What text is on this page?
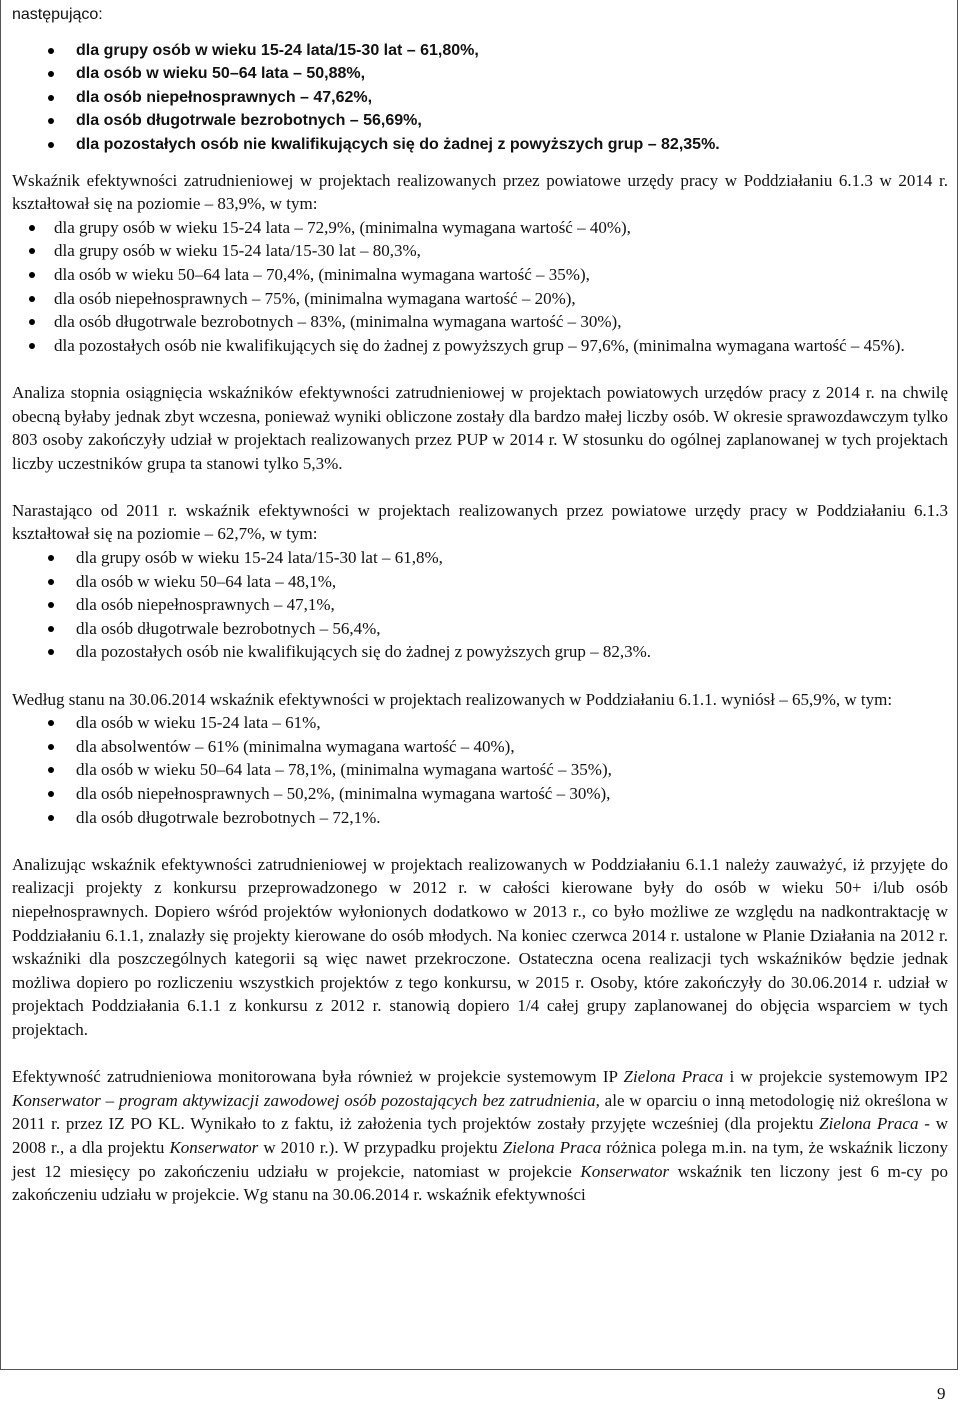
następująco:

dla grupy osób w wieku 15-24 lata/15-30 lat – 61,80%,
dla osób w wieku 50–64 lata – 50,88%,
dla osób niepełnosprawnych – 47,62%,
dla osób długotrwale bezrobotnych – 56,69%,
dla pozostałych osób nie kwalifikujących się do żadnej z powyższych grup – 82,35%.

Wskaźnik efektywności zatrudnieniowej w projektach realizowanych przez powiatowe urzędy pracy w Poddziałaniu 6.1.3 w 2014 r. kształtował się na poziomie – 83,9%, w tym:

dla grupy osób w wieku 15-24 lata – 72,9%, (minimalna wymagana wartość – 40%),
dla grupy osób w wieku 15-24 lata/15-30 lat – 80,3%,
dla osób w wieku 50–64 lata – 70,4%, (minimalna wymagana wartość – 35%),
dla osób niepełnosprawnych – 75%, (minimalna wymagana wartość – 20%),
dla osób długotrwale bezrobotnych – 83%, (minimalna wymagana wartość – 30%),
dla pozostałych osób nie kwalifikujących się do żadnej z powyższych grup – 97,6%, (minimalna wymagana wartość – 45%).

Analiza stopnia osiągnięcia wskaźników efektywności zatrudnieniowej w projektach powiatowych urzędów pracy z 2014 r. na chwilę obecną byłaby jednak zbyt wczesna, ponieważ wyniki obliczone zostały dla bardzo małej liczby osób. W okresie sprawozdawczym tylko 803 osoby zakończyły udział w projektach realizowanych przez PUP w 2014 r. W stosunku do ogólnej zaplanowanej w tych projektach liczby uczestników grupa ta stanowi tylko 5,3%.

Narastająco od 2011 r. wskaźnik efektywności w projektach realizowanych przez powiatowe urzędy pracy w Poddziałaniu 6.1.3 kształtował się na poziomie – 62,7%, w tym:

dla grupy osób w wieku 15-24 lata/15-30 lat – 61,8%,
dla osób w wieku 50–64 lata – 48,1%,
dla osób niepełnosprawnych – 47,1%,
dla osób długotrwale bezrobotnych – 56,4%,
dla pozostałych osób nie kwalifikujących się do żadnej z powyższych grup – 82,3%.

Według stanu na 30.06.2014 wskaźnik efektywności w projektach realizowanych w Poddziałaniu 6.1.1. wyniósł – 65,9%, w tym:

dla osób w wieku 15-24 lata – 61%,
dla absolwentów – 61% (minimalna wymagana wartość – 40%),
dla osób w wieku 50–64 lata – 78,1%, (minimalna wymagana wartość – 35%),
dla osób niepełnosprawnych – 50,2%, (minimalna wymagana wartość – 30%),
dla osób długotrwale bezrobotnych – 72,1%.

Analizując wskaźnik efektywności zatrudnieniowej w projektach realizowanych w Poddziałaniu 6.1.1 należy zauważyć, iż przyjęte do realizacji projekty z konkursu przeprowadzonego w 2012 r. w całości kierowane były do osób w wieku 50+ i/lub osób niepełnosprawnych. Dopiero wśród projektów wyłonionych dodatkowo w 2013 r., co było możliwe ze względu na nadkontraktację w Poddziałaniu 6.1.1, znalazły się projekty kierowane do osób młodych. Na koniec czerwca 2014 r. ustalone w Planie Działania na 2012 r. wskaźniki dla poszczególnych kategorii są więc nawet przekroczone. Ostateczna ocena realizacji tych wskaźników będzie jednak możliwa dopiero po rozliczeniu wszystkich projektów z tego konkursu, w 2015 r. Osoby, które zakończyły do 30.06.2014 r. udział w projektach Poddziałania 6.1.1 z konkursu z 2012 r. stanowią dopiero 1/4 całej grupy zaplanowanej do objęcia wsparciem w tych projektach.

Efektywność zatrudnieniowa monitorowana była również w projekcie systemowym IP Zielona Praca i w projekcie systemowym IP2 Konserwator – program aktywizacji zawodowej osób pozostających bez zatrudnienia, ale w oparciu o inną metodologię niż określona w 2011 r. przez IZ PO KL. Wynikało to z faktu, iż założenia tych projektów zostały przyjęte wcześniej (dla projektu Zielona Praca - w 2008 r., a dla projektu Konserwator w 2010 r.). W przypadku projektu Zielona Praca różnica polega m.in. na tym, że wskaźnik liczony jest 12 miesięcy po zakończeniu udziału w projekcie, natomiast w projekcie Konserwator wskaźnik ten liczony jest 6 m-cy po zakończeniu udziału w projekcie. Wg stanu na 30.06.2014 r. wskaźnik efektywności

9
